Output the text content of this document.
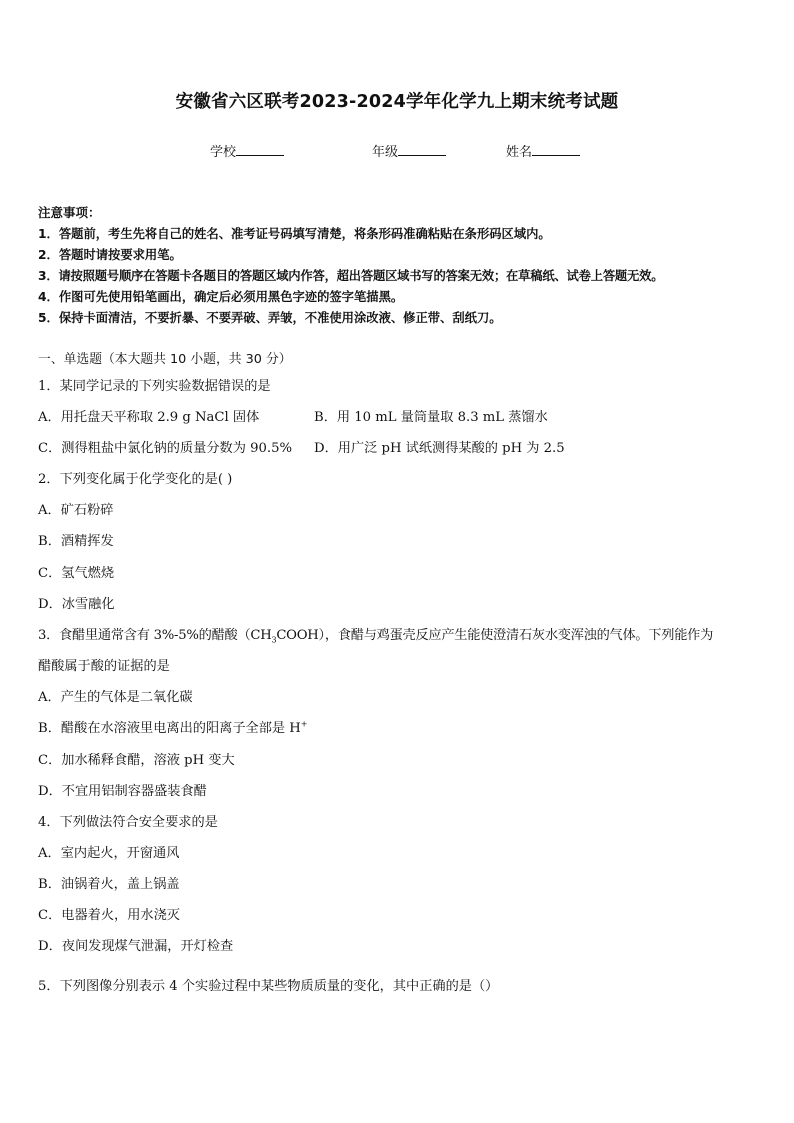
安徽省六区联考2023-2024学年化学九上期末统考试题
学校	年级	姓名
注意事项：
1．答题前，考生先将自己的姓名、准考证号码填写清楚，将条形码准确粘贴在条形码区域内。
2．答题时请按要求用笔。
3．请按照题号顺序在答题卡各题目的答题区域内作答，超出答题区域书写的答案无效；在草稿纸、试卷上答题无效。
4．作图可先使用铅笔画出，确定后必须用黑色字迹的签字笔描黑。
5．保持卡面清洁，不要折暴、不要弄破、弄皱，不准使用涂改液、修正带、刮纸刀。
一、单选题（本大题共 10 小题，共 30 分）
1．某同学记录的下列实验数据错误的是
A．用托盘天平称取 2.9 g NaCl 固体	B．用 10 mL 量筒量取 8.3 mL 蒸馏水
C．测得粗盐中氯化钠的质量分数为 90.5% D．用广泛 pH 试纸测得某酸的 pH 为 2.5
2．下列变化属于化学变化的是( )
A．矿石粉碎
B．酒精挥发
C．氢气燃烧
D．冰雪融化
3．食醋里通常含有 3%-5%的醋酸$(CH_3COOH)$，食醋与鸡蛋壳反应产生能使澄清石灰水变浑浊的气体。下列能作为
醋酸属于酸的证据的是
A．产生的气体是二氧化碳
B．醋酸在水溶液里电离出的阳离子全部是 H+
C．加水稀释食醋，溶液 pH 变大
D．不宜用铝制容器盛装食醋
4．下列做法符合安全要求的是
A．室内起火，开窗通风
B．油锅着火，盖上锅盖
C．电器着火，用水浇灭
D．夜间发现煤气泄漏，开灯检查
5．下列图像分别表示 4 个实验过程中某些物质质量的变化，其中正确的是（）
